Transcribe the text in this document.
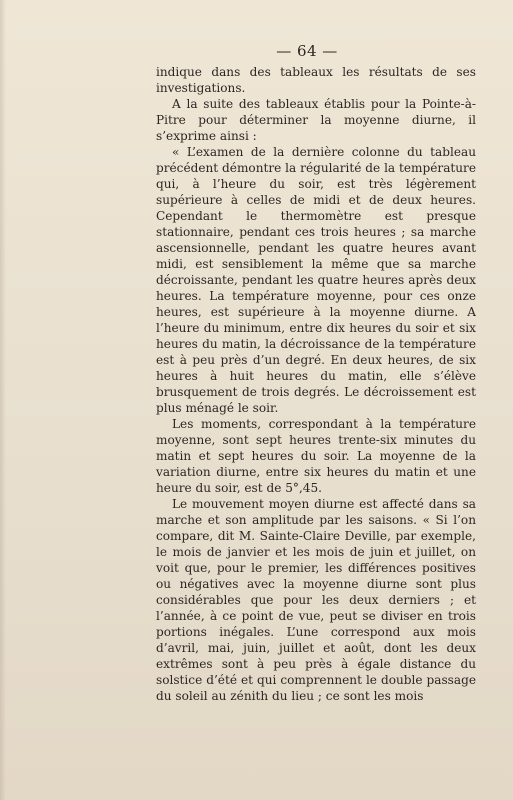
— 64 —

indique dans des tableaux les résultats de ses investigations.

A la suite des tableaux établis pour la Pointe-à-Pitre pour déterminer la moyenne diurne, il s’exprime ainsi :

« L’examen de la dernière colonne du tableau précédent démontre la régularité de la température qui, à l’heure du soir, est très légèrement supérieure à celles de midi et de deux heures. Cependant le thermomètre est presque stationnaire, pendant ces trois heures ; sa marche ascensionnelle, pendant les quatre heures avant midi, est sensiblement la même que sa marche décroissante, pendant les quatre heures après deux heures. La température moyenne, pour ces onze heures, est supérieure à la moyenne diurne. A l’heure du minimum, entre dix heures du soir et six heures du matin, la décroissance de la température est à peu près d’un degré. En deux heures, de six heures à huit heures du matin, elle s’élève brusquement de trois degrés. Le décroissement est plus ménagé le soir.

Les moments, correspondant à la température moyenne, sont sept heures trente-six minutes du matin et sept heures du soir. La moyenne de la variation diurne, entre six heures du matin et une heure du soir, est de 5°,45.

Le mouvement moyen diurne est affecté dans sa marche et son amplitude par les saisons. « Si l’on compare, dit M. Sainte-Claire Deville, par exemple, le mois de janvier et les mois de juin et juillet, on voit que, pour le premier, les différences positives ou négatives avec la moyenne diurne sont plus considérables que pour les deux derniers ; et l’année, à ce point de vue, peut se diviser en trois portions inégales. L’une correspond aux mois d’avril, mai, juin, juillet et août, dont les deux extrêmes sont à peu près à égale distance du solstice d’été et qui comprennent le double passage du soleil au zénith du lieu ; ce sont les mois
